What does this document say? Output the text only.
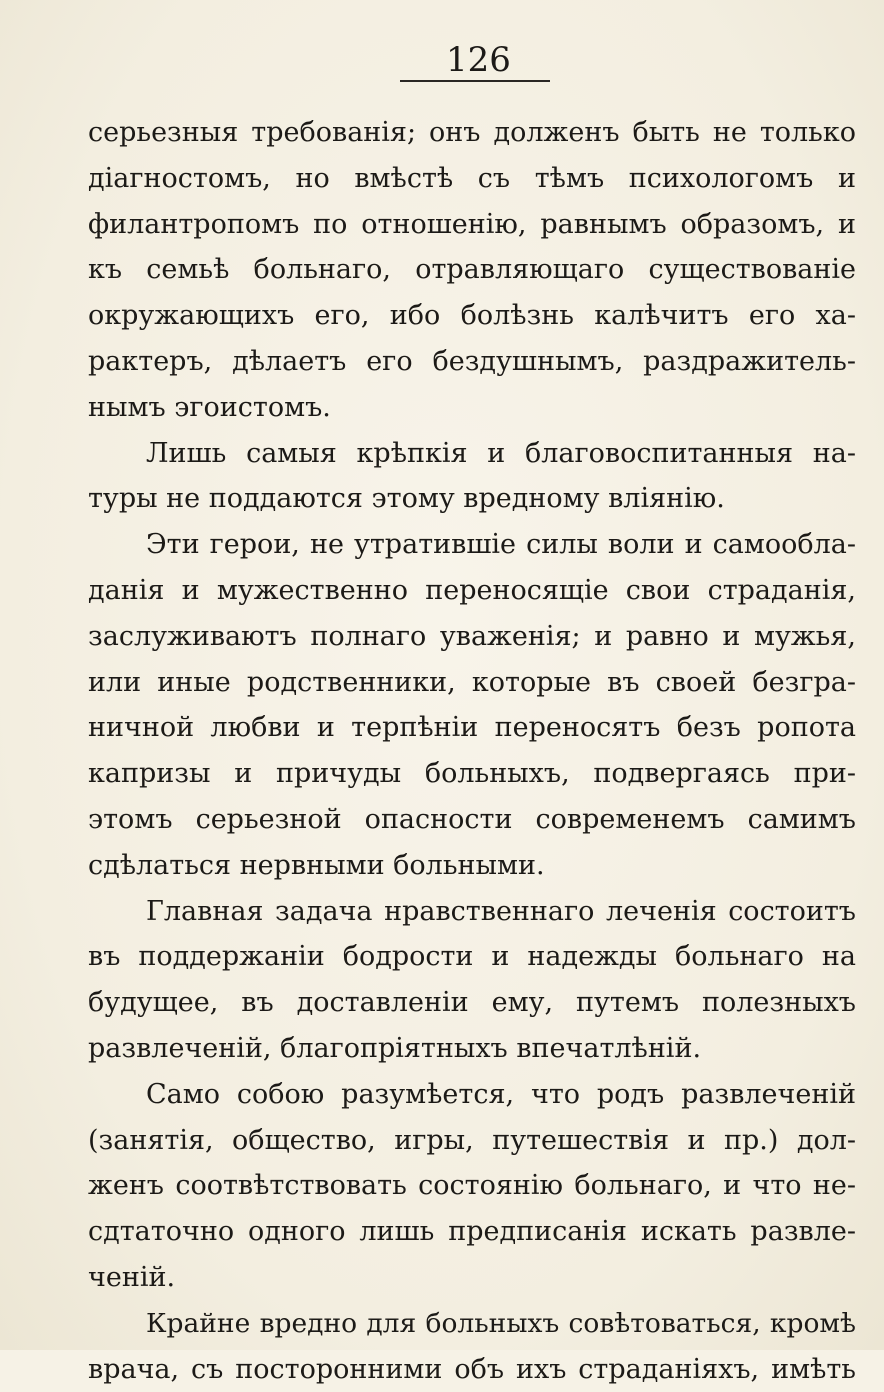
126
серьезныя требованія; онъ долженъ быть не только
діагностомъ, но вмѣстѣ съ тѣмъ психологомъ и
филантропомъ по отношенію, равнымъ образомъ, и
къ семьѣ больнаго, отравляющаго существованіе
окружающихъ его, ибо болѣзнь калѣчитъ его ха-
рактеръ, дѣлаетъ его бездушнымъ, раздражитель-
нымъ эгоистомъ.
Лишь самыя крѣпкія и благовоспитанныя на-
туры не поддаются этому вредному вліянію.
Эти герои, не утратившіе силы воли и самообла-
данія и мужественно переносящіе свои страданія,
заслуживаютъ полнаго уваженія; и равно и мужья,
или иные родственники, которые въ своей безгра-
ничной любви и терпѣніи переносятъ безъ ропота
капризы и причуды больныхъ, подвергаясь при-
этомъ серьезной опасности современемъ самимъ
сдѣлаться нервными больными.
Главная задача нравственнаго леченія состоитъ
въ поддержаніи бодрости и надежды больнаго на
будущее, въ доставленіи ему, путемъ полезныхъ
развлеченій, благопріятныхъ впечатлѣній.
Само собою разумѣется, что родъ развлеченій
(занятія, общество, игры, путешествія и пр.) дол-
женъ соотвѣтствовать состоянію больнаго, и что не-
сдтаточно одного лишь предписанія искать развле-
ченій.
Крайне вредно для больныхъ совѣтоваться, кромѣ
врача, съ посторонними объ ихъ страданіяхъ, имѣть
